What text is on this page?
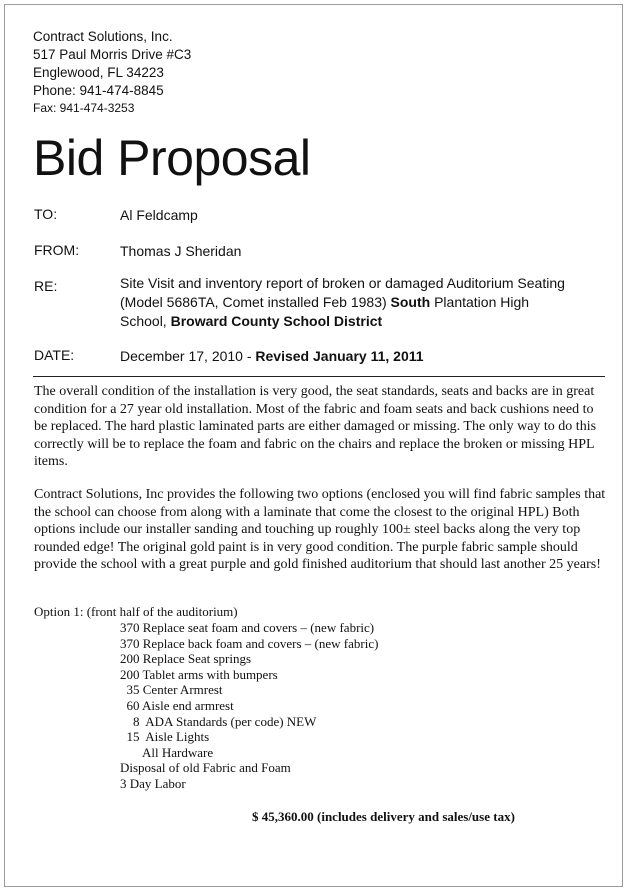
Contract Solutions, Inc.
517 Paul Morris Drive #C3
Englewood, FL 34223
Phone: 941-474-8845
Fax: 941-474-3253
Bid Proposal
TO:	Al Feldcamp
FROM:	Thomas J Sheridan
RE:	Site Visit and inventory report of broken or damaged Auditorium Seating
(Model 5686TA, Comet installed Feb 1983) South Plantation High
School, Broward County School District
DATE:	December 17, 2010 - Revised January 11, 2011
The overall condition of the installation is very good, the seat standards, seats and backs are in great condition for a 27 year old installation. Most of the fabric and foam seats and back cushions need to be replaced. The hard plastic laminated parts are either damaged or missing. The only way to do this correctly will be to replace the foam and fabric on the chairs and replace the broken or missing HPL items.
Contract Solutions, Inc provides the following two options (enclosed you will find fabric samples that the school can choose from along with a laminate that come the closest to the original HPL) Both options include our installer sanding and touching up roughly 100± steel backs along the very top rounded edge! The original gold paint is in very good condition. The purple fabric sample should provide the school with a great purple and gold finished auditorium that should last another 25 years!
Option 1: (front half of the auditorium)
370 Replace seat foam and covers – (new fabric)
370 Replace back foam and covers – (new fabric)
200 Replace Seat springs
200 Tablet arms with bumpers
35 Center Armrest
60 Aisle end armrest
8  ADA Standards (per code) NEW
15  Aisle Lights
All Hardware
Disposal of old Fabric and Foam
3 Day Labor
$ 45,360.00 (includes delivery and sales/use tax)
